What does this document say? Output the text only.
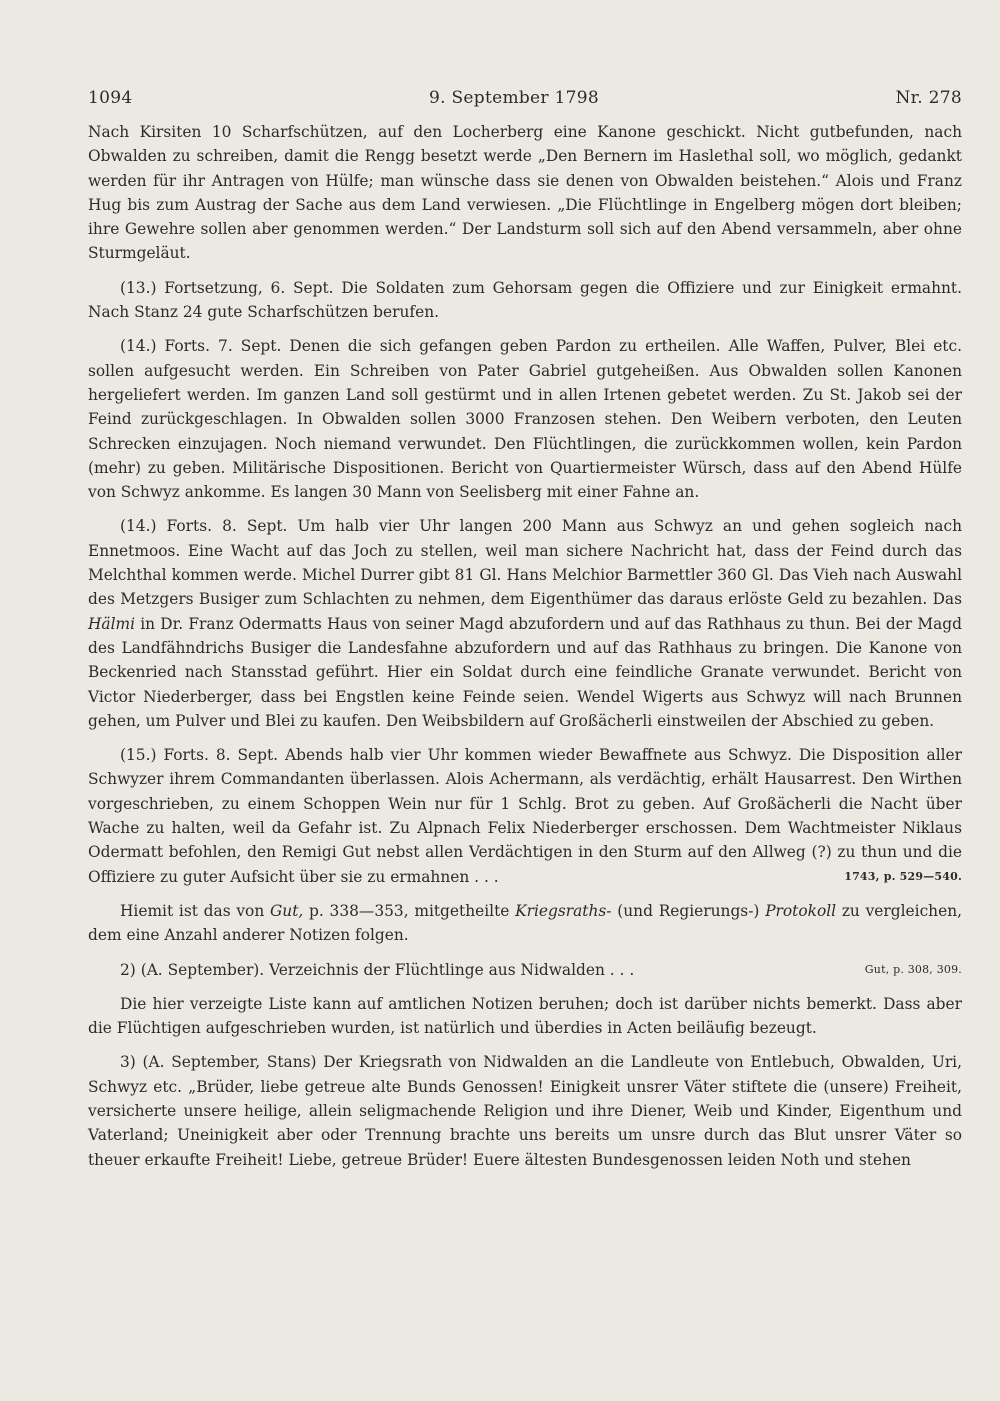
1094	9. September 1798	Nr. 278

Nach Kirsiten 10 Scharfschützen, auf den Locherberg eine Kanone geschickt. Nicht gutbefunden, nach Obwalden zu schreiben, damit die Rengg besetzt werde „Den Bernern im Haslethal soll, wo möglich, gedankt werden für ihr Antragen von Hülfe; man wünsche dass sie denen von Obwalden beistehen.“ Alois und Franz Hug bis zum Austrag der Sache aus dem Land verwiesen. „Die Flüchtlinge in Engelberg mögen dort bleiben; ihre Gewehre sollen aber genommen werden.“ Der Landsturm soll sich auf den Abend versammeln, aber ohne Sturmgeläut.

(13.) Fortsetzung, 6. Sept. Die Soldaten zum Gehorsam gegen die Offiziere und zur Einigkeit ermahnt. Nach Stanz 24 gute Scharfschützen berufen.

(14.) Forts. 7. Sept. Denen die sich gefangen geben Pardon zu ertheilen. Alle Waffen, Pulver, Blei etc. sollen aufgesucht werden. Ein Schreiben von Pater Gabriel gutgeheißen. Aus Obwalden sollen Kanonen hergeliefert werden. Im ganzen Land soll gestürmt und in allen Irtenen gebetet werden. Zu St. Jakob sei der Feind zurückgeschlagen. In Obwalden sollen 3000 Franzosen stehen. Den Weibern verboten, den Leuten Schrecken einzujagen. Noch niemand verwundet. Den Flüchtlingen, die zurückkommen wollen, kein Pardon (mehr) zu geben. Militärische Dispositionen. Bericht von Quartiermeister Würsch, dass auf den Abend Hülfe von Schwyz ankomme. Es langen 30 Mann von Seelisberg mit einer Fahne an.

(14.) Forts. 8. Sept. Um halb vier Uhr langen 200 Mann aus Schwyz an und gehen sogleich nach Ennetmoos. Eine Wacht auf das Joch zu stellen, weil man sichere Nachricht hat, dass der Feind durch das Melchthal kommen werde. Michel Durrer gibt 81 Gl. Hans Melchior Barmettler 360 Gl. Das Vieh nach Auswahl des Metzgers Busiger zum Schlachten zu nehmen, dem Eigenthümer das daraus erlöste Geld zu bezahlen. Das Hälmi in Dr. Franz Odermatts Haus von seiner Magd abzufordern und auf das Rathhaus zu thun. Bei der Magd des Landfähndrichs Busiger die Landesfahne abzufordern und auf das Rathhaus zu bringen. Die Kanone von Beckenried nach Stansstad geführt. Hier ein Soldat durch eine feindliche Granate verwundet. Bericht von Victor Niederberger, dass bei Engstlen keine Feinde seien. Wendel Wigerts aus Schwyz will nach Brunnen gehen, um Pulver und Blei zu kaufen. Den Weibsbildern auf Großächerli einstweilen der Abschied zu geben.

(15.) Forts. 8. Sept. Abends halb vier Uhr kommen wieder Bewaffnete aus Schwyz. Die Disposition aller Schwyzer ihrem Commandanten überlassen. Alois Achermann, als verdächtig, erhält Hausarrest. Den Wirthen vorgeschrieben, zu einem Schoppen Wein nur für 1 Schlg. Brot zu geben. Auf Großächerli die Nacht über Wache zu halten, weil da Gefahr ist. Zu Alpnach Felix Niederberger erschossen. Dem Wachtmeister Niklaus Odermatt befohlen, den Remigi Gut nebst allen Verdächtigen in den Sturm auf den Allweg (?) zu thun und die Offiziere zu guter Aufsicht über sie zu ermahnen . . .	1743, p. 529—540.

Hiemit ist das von Gut, p. 338—353, mitgetheilte Kriegsraths- (und Regierungs-) Protokoll zu vergleichen, dem eine Anzahl anderer Notizen folgen.

2) (A. September). Verzeichnis der Flüchtlinge aus Nidwalden . . .	Gut, p. 308, 309.

Die hier verzeigte Liste kann auf amtlichen Notizen beruhen; doch ist darüber nichts bemerkt. Dass aber die Flüchtigen aufgeschrieben wurden, ist natürlich und überdies in Acten beiläufig bezeugt.

3) (A. September, Stans) Der Kriegsrath von Nidwalden an die Landleute von Entlebuch, Obwalden, Uri, Schwyz etc. „Brüder, liebe getreue alte Bunds Genossen! Einigkeit unsrer Väter stiftete die (unsere) Freiheit, versicherte unsere heilige, allein seligmachende Religion und ihre Diener, Weib und Kinder, Eigenthum und Vaterland; Uneinigkeit aber oder Trennung brachte uns bereits um unsre durch das Blut unsrer Väter so theuer erkaufte Freiheit! Liebe, getreue Brüder! Euere ältesten Bundesgenossen leiden Noth und stehen
